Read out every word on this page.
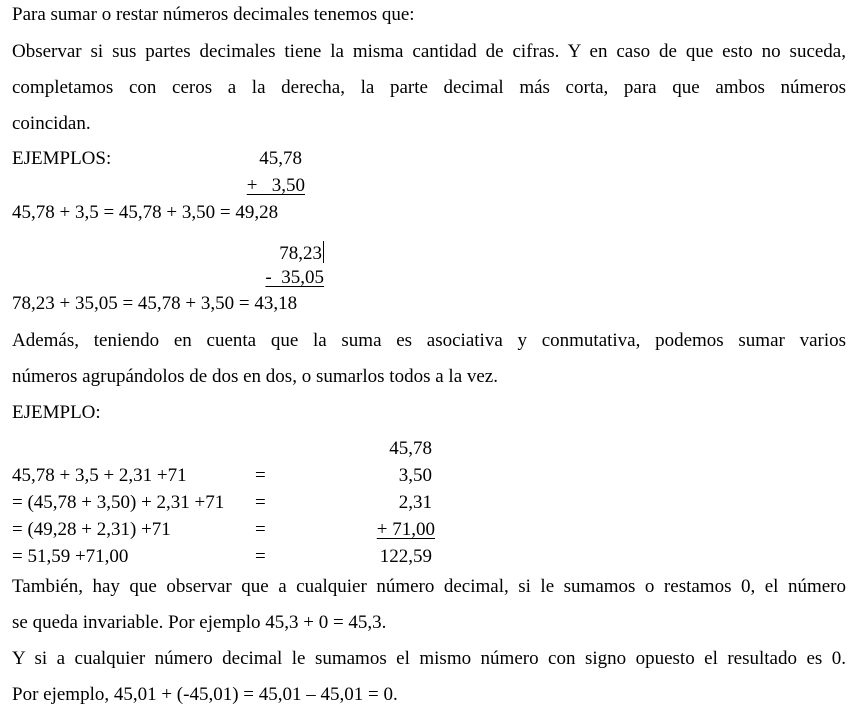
Para sumar o restar números decimales tenemos que:
Observar si sus partes decimales tiene la misma cantidad de cifras. Y en caso de que esto no suceda,
completamos con ceros a la derecha, la parte decimal más corta, para que ambos números
coincidan.
EJEMPLOS:	45,78
+   3,50
45,78 + 3,5 = 45,78 + 3,50 = 49,28
78,23
-  35,05
78,23 + 35,05 = 45,78 + 3,50 = 43,18
Además, teniendo en cuenta que la suma es asociativa y conmutativa, podemos sumar varios
números agrupándolos de dos en dos, o sumarlos todos a la vez.
EJEMPLO:
45,78
45,78 + 3,5 + 2,31 +71	=	3,50
= (45,78 + 3,50) + 2,31 +71 =	2,31
= (49,28 + 2,31) +71	=	+ 71,00
= 51,59 +71,00	=	122,59
También, hay que observar que a cualquier número decimal, si le sumamos o restamos 0, el número
se queda invariable. Por ejemplo 45,3 + 0 = 45,3.
Y si a cualquier número decimal le sumamos el mismo número con signo opuesto el resultado es 0.
Por ejemplo, 45,01 + (-45,01) = 45,01 – 45,01 = 0.
